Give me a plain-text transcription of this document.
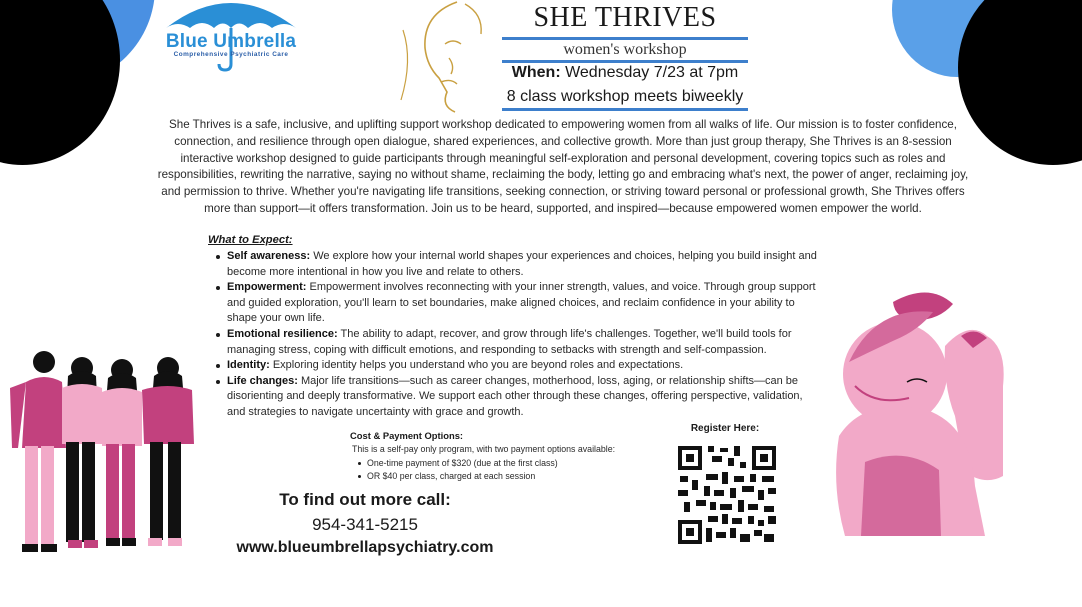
Blue Umbrella
Comprehensive Psychiatric Care
SHE THRIVES
women's workshop
When: Wednesday 7/23 at 7pm
8 class workshop meets biweekly

She Thrives is a safe, inclusive, and uplifting support workshop dedicated to empowering women from all walks of life. Our mission is to foster confidence, connection, and resilience through open dialogue, shared experiences, and collective growth. More than just group therapy, She Thrives is an 8-session interactive workshop designed to guide participants through meaningful self-exploration and personal development, covering topics such as roles and responsibilities, rewriting the narrative, saying no without shame, reclaiming the body, letting go and embracing what's next, the power of anger, reclaiming joy, and permission to thrive. Whether you're navigating life transitions, seeking connection, or striving toward personal or professional growth, She Thrives offers more than support—it offers transformation. Join us to be heard, supported, and inspired—because empowered women empower the world.

What to Expect:
Self awareness: We explore how your internal world shapes your experiences and choices, helping you build insight and become more intentional in how you live and relate to others.
Empowerment: Empowerment involves reconnecting with your inner strength, values, and voice. Through group support and guided exploration, you'll learn to set boundaries, make aligned choices, and reclaim confidence in your ability to shape your own life.
Emotional resilience: The ability to adapt, recover, and grow through life's challenges. Together, we'll build tools for managing stress, coping with difficult emotions, and responding to setbacks with strength and self-compassion.
Identity: Exploring identity helps you understand who you are beyond roles and expectations.
Life changes: Major life transitions—such as career changes, motherhood, loss, aging, or relationship shifts—can be disorienting and deeply transformative. We support each other through these changes, offering perspective, validation, and strategies to navigate uncertainty with grace and growth.
Cost & Payment Options:
This is a self-pay only program, with two payment options available:
One-time payment of $320 (due at the first class)
OR $40 per class, charged at each session
To find out more call:
954-341-5215
www.blueumbrellapsychiatry.com
Register Here:
